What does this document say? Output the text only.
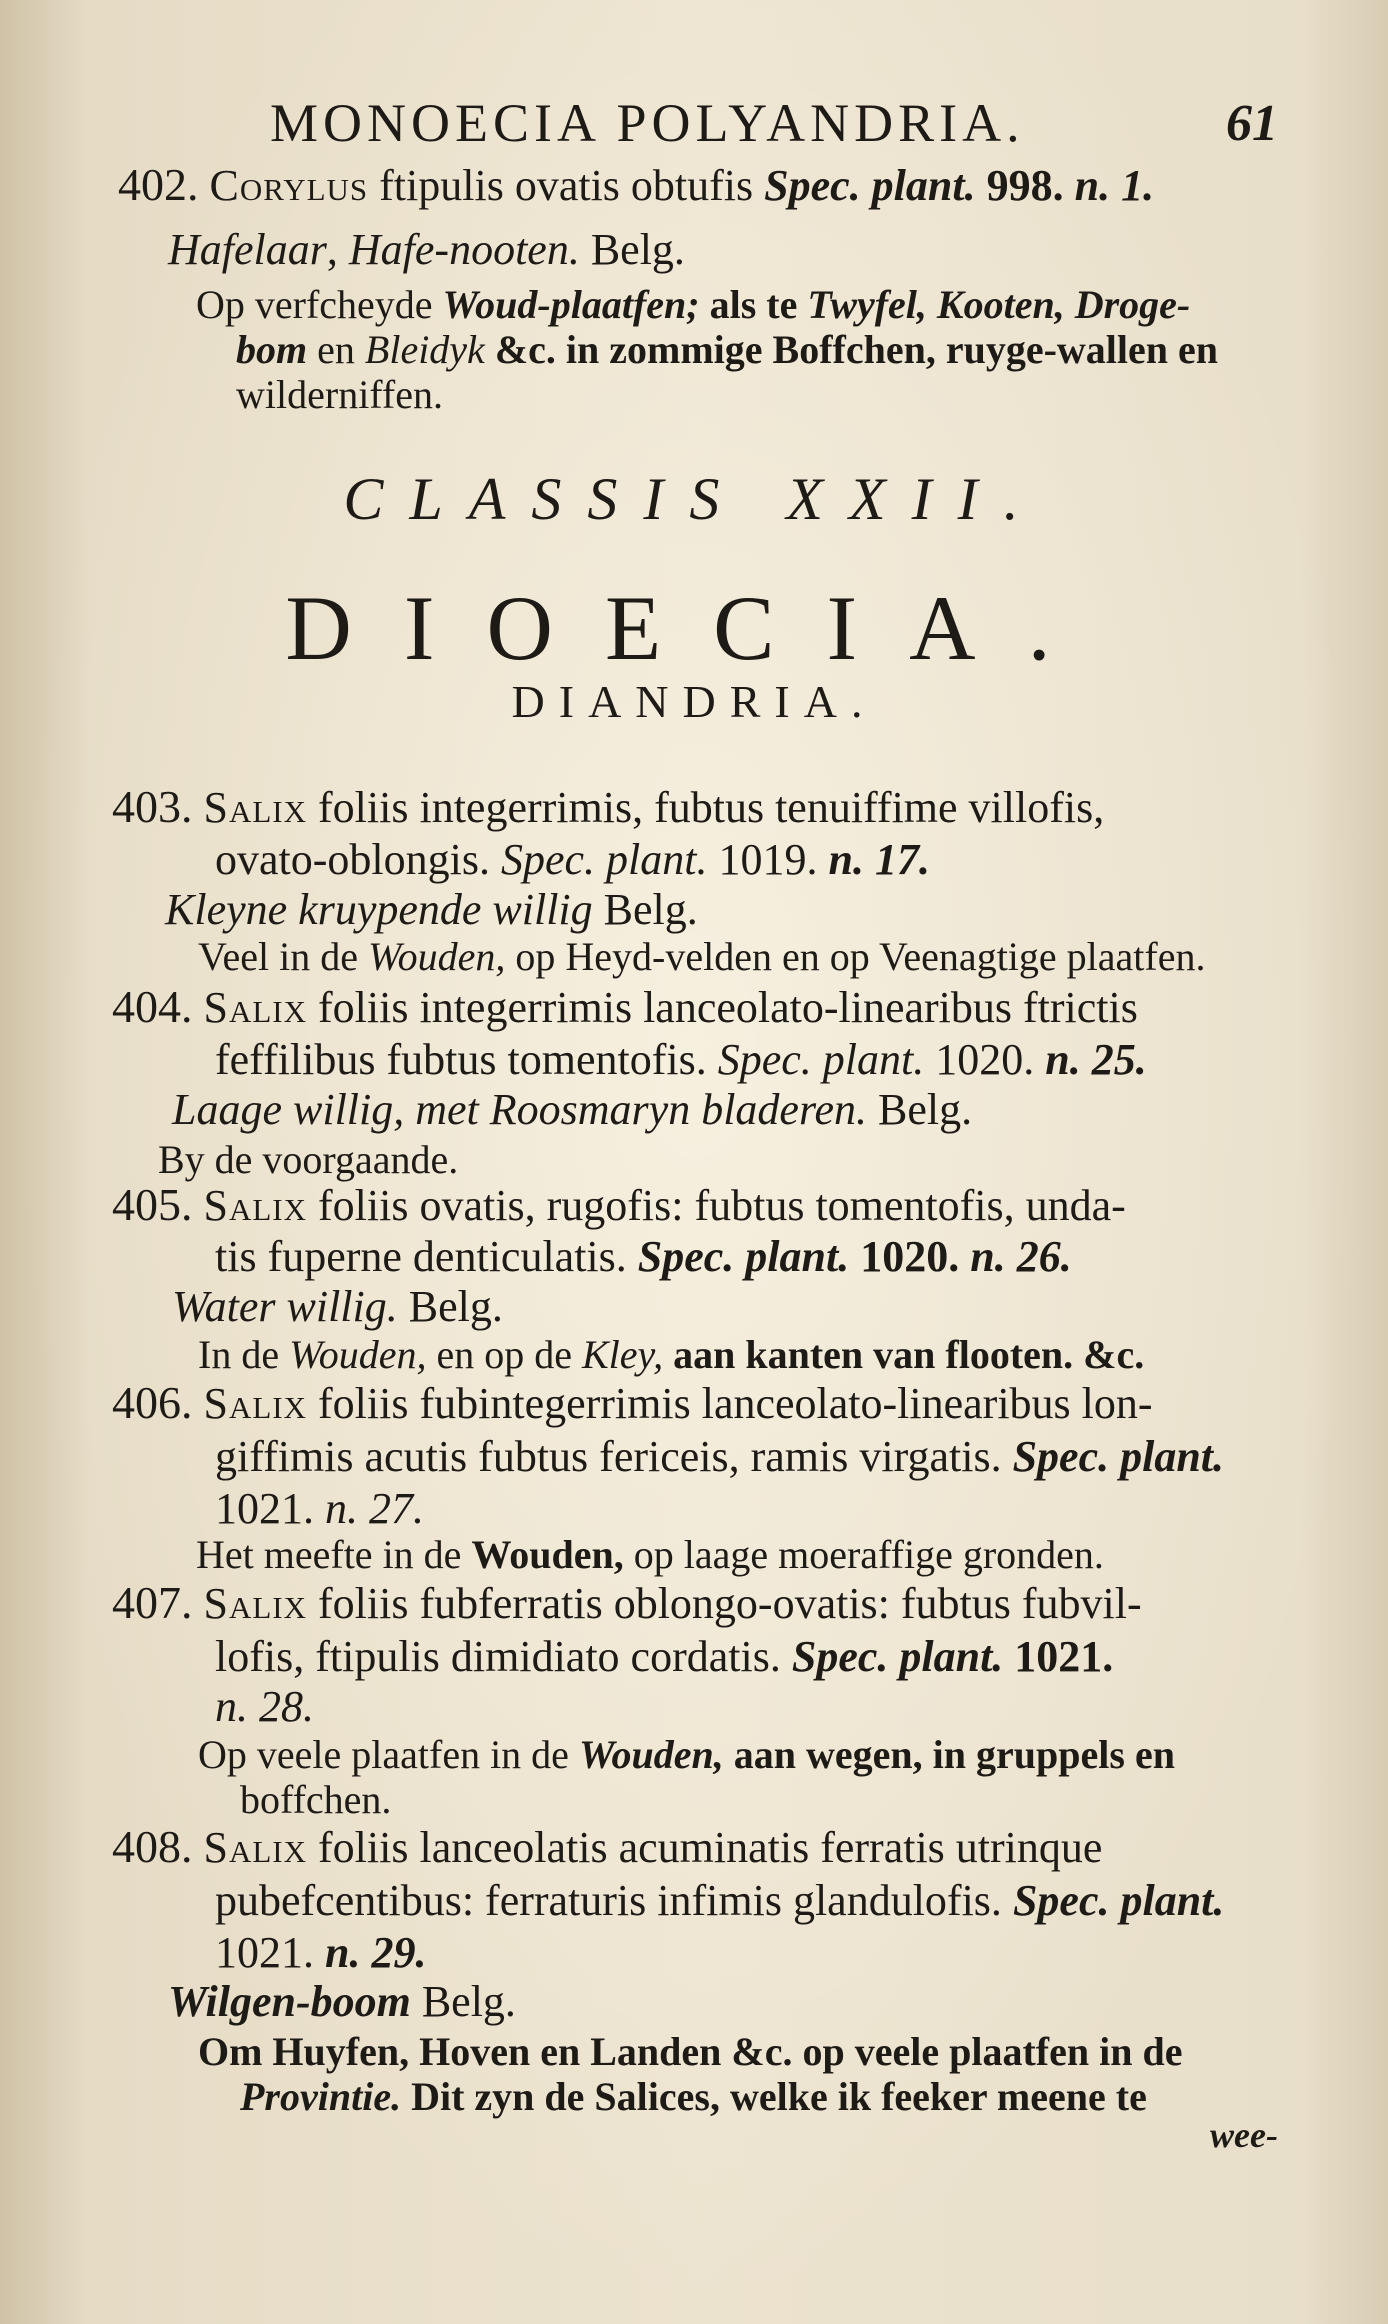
MONOECIA POLYANDRIA.	61
402. Corylus ftipulis ovatis obtufis Spec. plant. 998. n. 1.
Hafelaar, Hafe-nooten. Belg.
Op verfcheyde Woud-plaatfen; als te Twyfel, Kooten, Droge-
bom en Bleidyk &c. in zommige Boffchen, ruyge-wallen en
wilderniffen.
CLASSIS XXII.
DIOECIA.
DIANDRIA.
403. Salix foliis integerrimis, fubtus tenuiffime villofis,
ovato-oblongis. Spec. plant. 1019. n. 17.
Kleyne kruypende willig Belg.
Veel in de Wouden, op Heyd-velden en op Veenagtige plaatfen.
404. Salix foliis integerrimis lanceolato-linearibus ftrictis
feffilibus fubtus tomentofis. Spec. plant. 1020. n. 25.
Laage willig, met Roosmaryn bladeren. Belg.
By de voorgaande.
405. Salix foliis ovatis, rugofis: fubtus tomentofis, unda-
tis fuperne denticulatis. Spec. plant. 1020. n. 26.
Water willig. Belg.
In de Wouden, en op de Kley, aan kanten van flooten. &c.
406. Salix foliis fubintegerrimis lanceolato-linearibus lon-
giffimis acutis fubtus fericeis, ramis virgatis. Spec. plant.
1021. n. 27.
Het meefte in de Wouden, op laage moeraffige gronden.
407. Salix foliis fubferratis oblongo-ovatis: fubtus fubvil-
lofis, ftipulis dimidiato cordatis. Spec. plant. 1021.
n. 28.
Op veele plaatfen in de Wouden, aan wegen, in gruppels en
boffchen.
408. Salix foliis lanceolatis acuminatis ferratis utrinque
pubefcentibus: ferraturis infimis glandulofis. Spec. plant.
1021. n. 29.
Wilgen-boom Belg.
Om Huyfen, Hoven en Landen &c. op veele plaatfen in de
Provintie. Dit zyn de Salices, welke ik feeker meene te
wee-
